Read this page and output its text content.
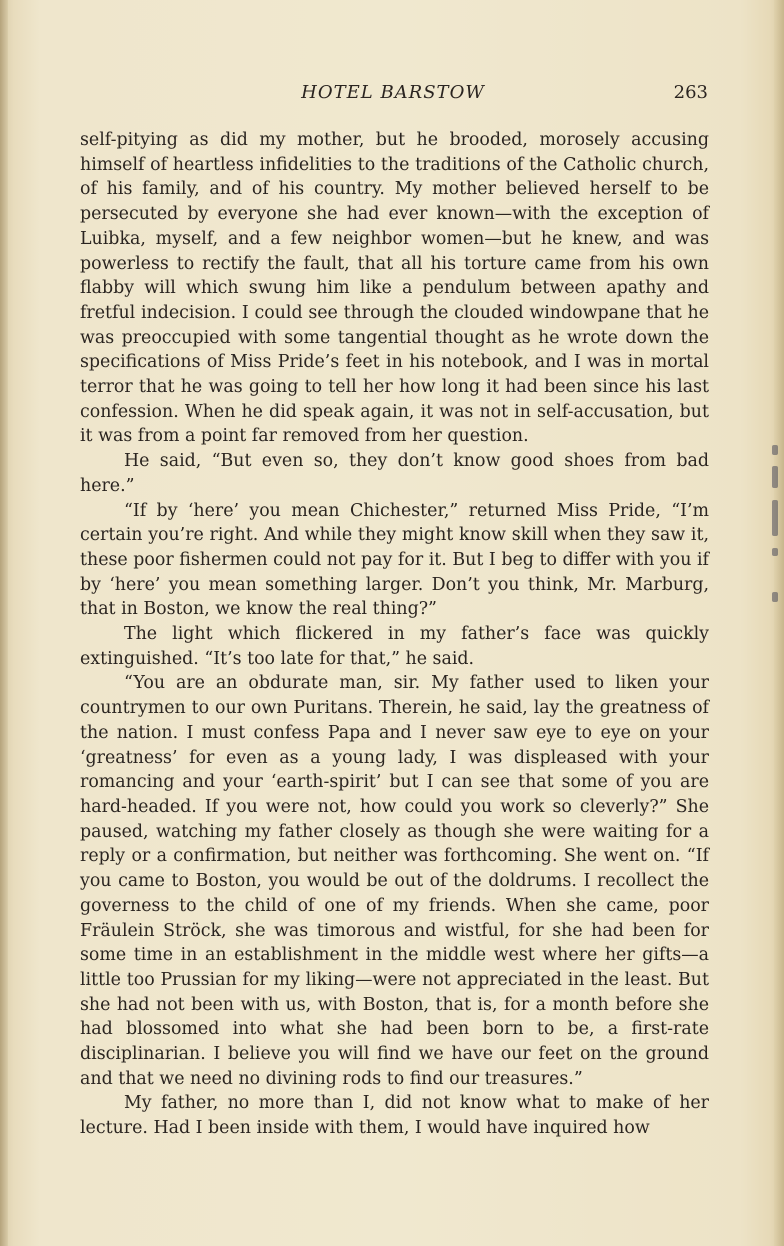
HOTEL BARSTOW	263

self-pitying as did my mother, but he brooded, morosely accusing himself of heartless infidelities to the traditions of the Catholic church, of his family, and of his country. My mother believed herself to be persecuted by everyone she had ever known—with the exception of Luibka, myself, and a few neighbor women—but he knew, and was powerless to rectify the fault, that all his torture came from his own flabby will which swung him like a pendulum between apathy and fretful indecision. I could see through the clouded windowpane that he was preoccupied with some tangential thought as he wrote down the specifications of Miss Pride’s feet in his notebook, and I was in mortal terror that he was going to tell her how long it had been since his last confession. When he did speak again, it was not in self-accusation, but it was from a point far removed from her question.

He said, “But even so, they don’t know good shoes from bad here.”

“If by ‘here’ you mean Chichester,” returned Miss Pride, “I’m certain you’re right. And while they might know skill when they saw it, these poor fishermen could not pay for it. But I beg to differ with you if by ‘here’ you mean something larger. Don’t you think, Mr. Marburg, that in Boston, we know the real thing?”

The light which flickered in my father’s face was quickly extinguished. “It’s too late for that,” he said.

“You are an obdurate man, sir. My father used to liken your countrymen to our own Puritans. Therein, he said, lay the greatness of the nation. I must confess Papa and I never saw eye to eye on your ‘greatness’ for even as a young lady, I was displeased with your romancing and your ‘earth-spirit’ but I can see that some of you are hard-headed. If you were not, how could you work so cleverly?” She paused, watching my father closely as though she were waiting for a reply or a confirmation, but neither was forthcoming. She went on. “If you came to Boston, you would be out of the doldrums. I recollect the governess to the child of one of my friends. When she came, poor Fräulein Ströck, she was timorous and wistful, for she had been for some time in an establishment in the middle west where her gifts—a little too Prussian for my liking—were not appreciated in the least. But she had not been with us, with Boston, that is, for a month before she had blossomed into what she had been born to be, a first-rate disciplinarian. I believe you will find we have our feet on the ground and that we need no divining rods to find our treasures.”

My father, no more than I, did not know what to make of her lecture. Had I been inside with them, I would have inquired how
